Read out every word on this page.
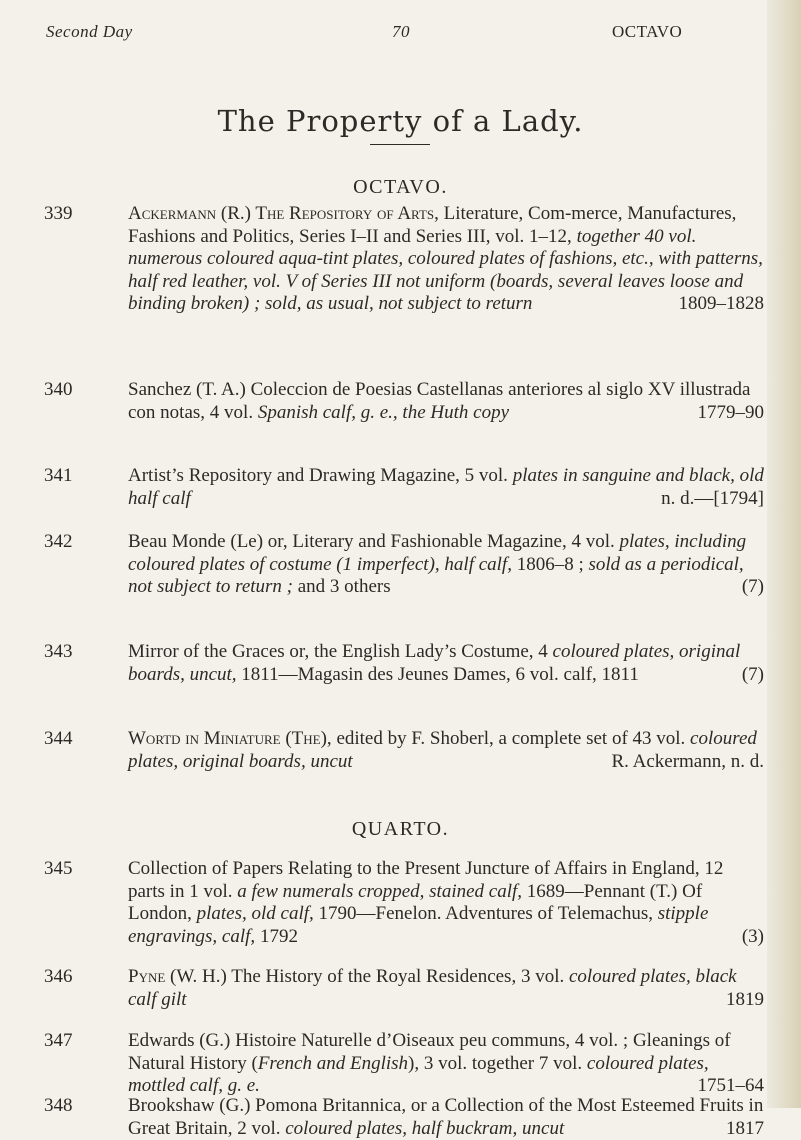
Second Day	70	OCTAVO
The Property of a Lady.
OCTAVO.
339	Ackermann (R.) The Repository of Arts, Literature, Com-merce, Manufactures, Fashions and Politics, Series I–II and Series III, vol. 1–12, together 40 vol. numerous coloured aqua-tint plates, coloured plates of fashions, etc., with patterns, half red leather, vol. V of Series III not uniform (boards, several leaves loose and binding broken) ; sold, as usual, not subject to return	1809–1828
340	Sanchez (T. A.) Coleccion de Poesias Castellanas anteriores al siglo XV illustrada con notas, 4 vol. Spanish calf, g. e., the Huth copy	1779–90
341	Artist’s Repository and Drawing Magazine, 5 vol. plates in sanguine and black, old half calf	n. d.—[1794]
342	Beau Monde (Le) or, Literary and Fashionable Magazine, 4 vol. plates, including coloured plates of costume (1 imperfect), half calf, 1806–8 ; sold as a periodical, not subject to return ; and 3 others	(7)
343	Mirror of the Graces or, the English Lady’s Costume, 4 coloured plates, original boards, uncut, 1811—Magasin des Jeunes Dames, 6 vol. calf, 1811	(7)
344	Wortd in Miniature (The), edited by F. Shoberl, a complete set of 43 vol. coloured plates, original boards, uncut	R. Ackermann, n. d.
QUARTO.
345	Collection of Papers Relating to the Present Juncture of Affairs in England, 12 parts in 1 vol. a few numerals cropped, stained calf, 1689—Pennant (T.) Of London, plates, old calf, 1790—Fenelon. Adventures of Telemachus, stipple engravings, calf, 1792	(3)
346	Pyne (W. H.) The History of the Royal Residences, 3 vol. coloured plates, black calf gilt	1819
347	Edwards (G.) Histoire Naturelle d’Oiseaux peu communs, 4 vol. ; Gleanings of Natural History (French and English), 3 vol. together 7 vol. coloured plates, mottled calf, g. e.	1751–64
348	Brookshaw (G.) Pomona Britannica, or a Collection of the Most Esteemed Fruits in Great Britain, 2 vol. coloured plates, half buckram, uncut	1817
